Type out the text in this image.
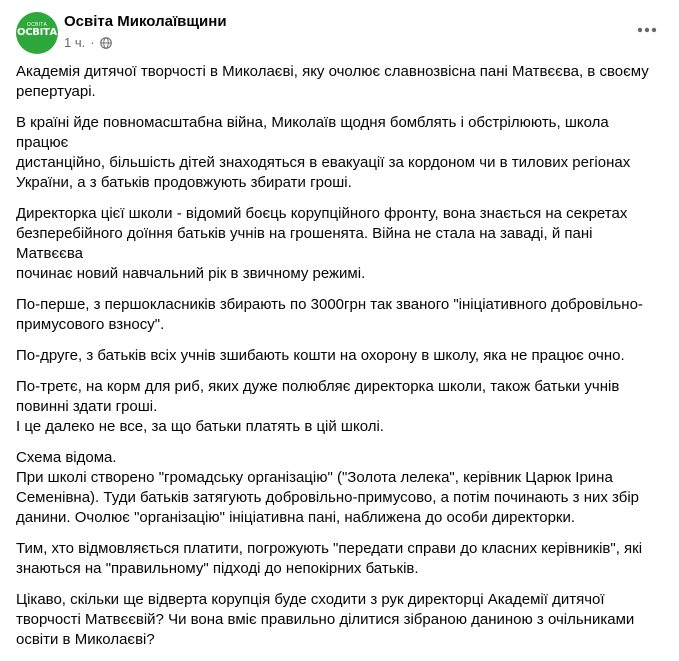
ОСВІТА
ОСВІТА
Освіта Миколаївщини
1 ч. ·

Академія дитячої творчості в Миколаєві, яку очолює славнозвісна пані Матвєєва, в своєму
репертуарі.

В країні йде повномасштабна війна, Миколаїв щодня бомблять і обстрілюють, школа працює
дистанційно, більшість дітей знаходяться в евакуації за кордоном чи в тилових регіонах
України, а з батьків продовжують збирати гроші.

Директорка цієї школи - відомий боєць корупційного фронту, вона знається на секретах
безперебійного доїння батьків учнів на грошенята. Війна не стала на заваді, й пані Матвєєва
починає новий навчальний рік в звичному режимі.

По-перше, з першокласників збирають по 3000грн так званого "ініціативного добровільно-
примусового взносу".

По-друге, з батьків всіх учнів зшибають кошти на охорону в школу, яка не працює очно.

По-третє, на корм для риб, яких дуже полюбляє директорка школи, також батьки учнів
повинні здати гроші.
І це далеко не все, за що батьки платять в цій школі.

Схема відома.
При школі створено "громадську організацію" ("Золота лелека", керівник Царюк Ірина
Семенівна). Туди батьків затягують добровільно-примусово, а потім починають з них збір
данини. Очолює "організацію" ініціативна пані, наближена до особи директорки.

Тим, хто відмовляється платити, погрожують "передати справи до класних керівників", які
знаються на "правильному" підході до непокірних батьків.

Цікаво, скільки ще відверта корупція буде сходити з рук директорці Академії дитячої
творчості Матвєєвій? Чи вона вміє правильно ділитися зібраною даниною з очільниками
освіти в Миколаєві?
